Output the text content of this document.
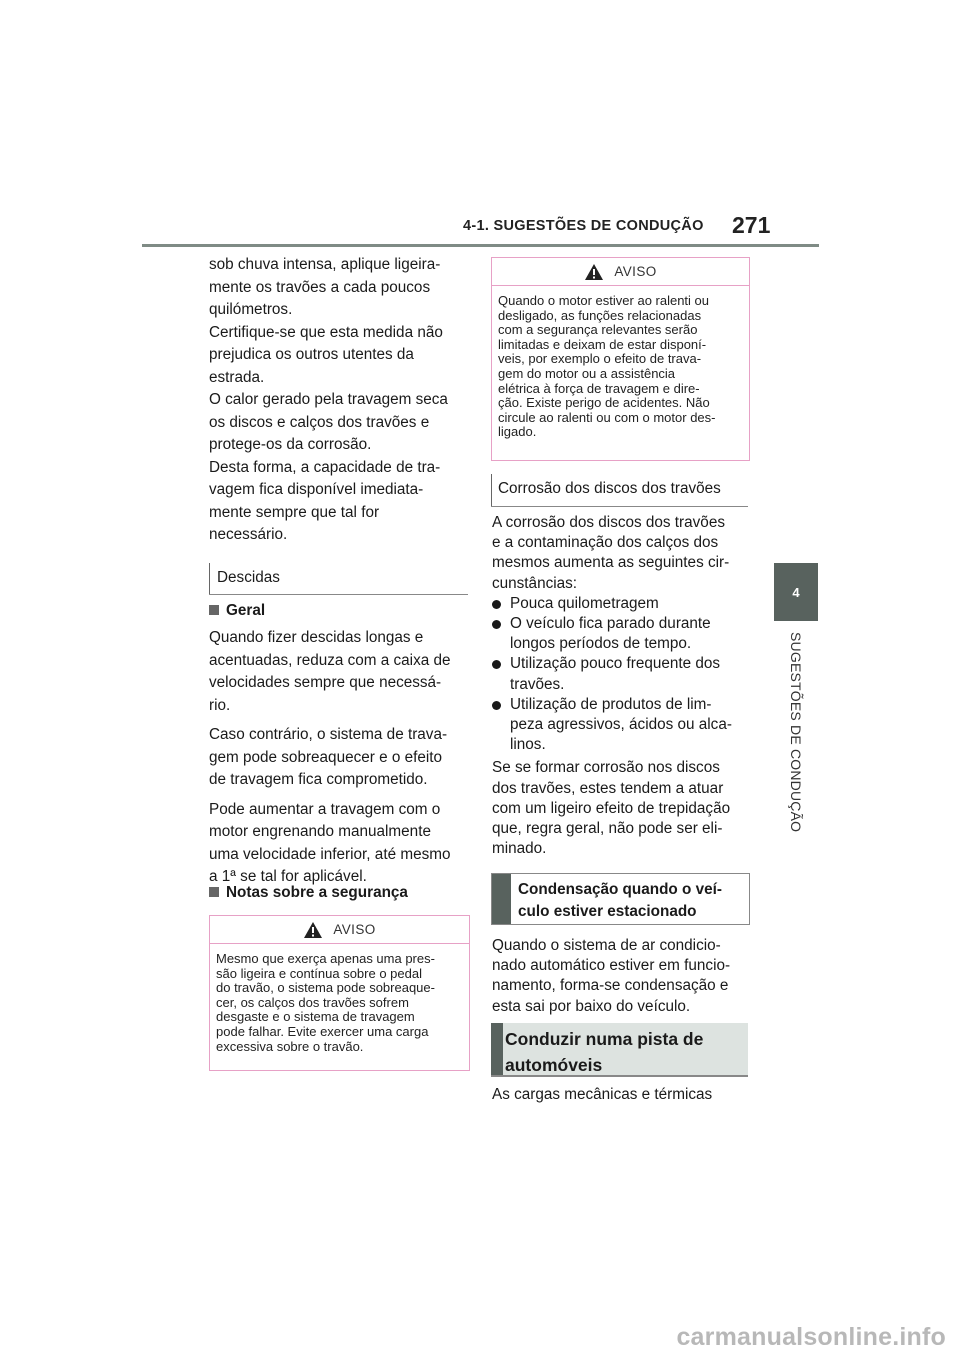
4-1. SUGESTÕES DE CONDUÇÃO 271
4
SUGESTÕES DE CONDUÇÃO

sob chuva intensa, aplique ligeira-

mente os travões a cada poucos

quilómetros.

Certifique-se que esta medida não

prejudica os outros utentes da

estrada.

O calor gerado pela travagem seca

os discos e calços dos travões e

protege-os da corrosão.

Desta forma, a capacidade de tra-

vagem fica disponível imediata-

mente sempre que tal for

necessário.

Descidas
Geral

Quando fizer descidas longas e

acentuadas, reduza com a caixa de

velocidades sempre que necessá-

rio.

Caso contrário, o sistema de trava-

gem pode sobreaquecer e o efeito

de travagem fica comprometido.

Pode aumentar a travagem com o

motor engrenando manualmente

uma velocidade inferior, até mesmo

a 1ª se tal for aplicável.

Notas sobre a segurança
AVISO
Mesmo que exerça apenas uma pres-
são ligeira e contínua sobre o pedal
do travão, o sistema pode sobreaque-
cer, os calços dos travões sofrem
desgaste e o sistema de travagem
pode falhar. Evite exercer uma carga
excessiva sobre o travão.
AVISO
Quando o motor estiver ao ralenti ou
desligado, as funções relacionadas
com a segurança relevantes serão
limitadas e deixam de estar disponí-
veis, por exemplo o efeito de trava-
gem do motor ou a assistência
elétrica à força de travagem e dire-
ção. Existe perigo de acidentes. Não
circule ao ralenti ou com o motor des-
ligado.
Corrosão dos discos dos travões

A corrosão dos discos dos travões

e a contaminação dos calços dos

mesmos aumenta as seguintes cir-

cunstâncias:

Pouca quilometragem
O veículo fica parado durante
longos períodos de tempo.
Utilização pouco frequente dos
travões.
Utilização de produtos de lim-
peza agressivos, ácidos ou alca-
linos.

Se se formar corrosão nos discos

dos travões, estes tendem a atuar

com um ligeiro efeito de trepidação

que, regra geral, não pode ser eli-

minado.

Condensação quando o veí-
culo estiver estacionado

Quando o sistema de ar condicio-

nado automático estiver em funcio-

namento, forma-se condensação e

esta sai por baixo do veículo.

Conduzir numa pista de
automóveis

As cargas mecânicas e térmicas

carmanualsonline.info
